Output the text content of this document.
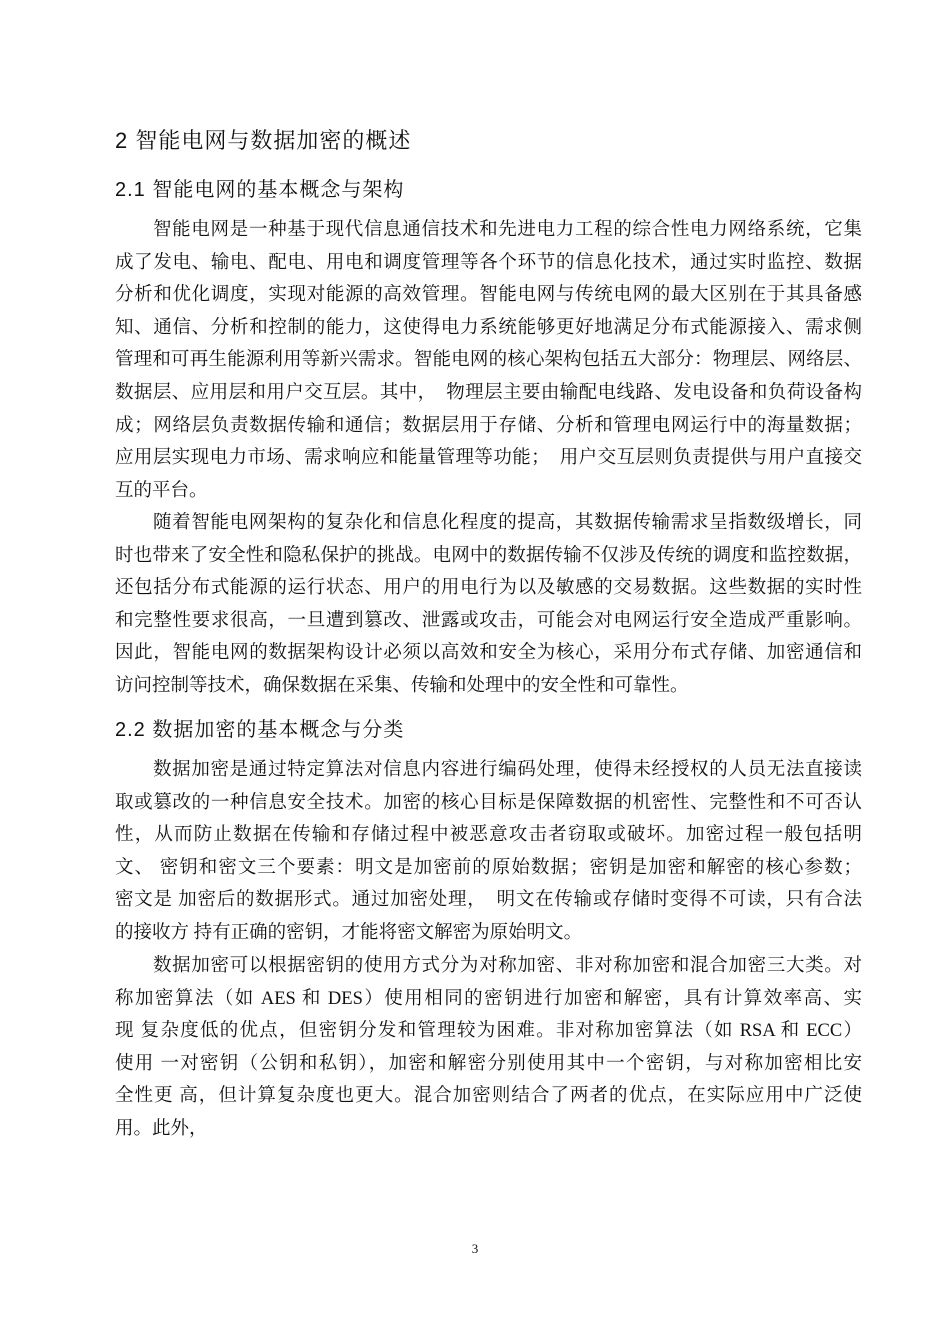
2 智能电网与数据加密的概述
2.1 智能电网的基本概念与架构
智能电网是一种基于现代信息通信技术和先进电力工程的综合性电力网络系统，它集
成了发电、输电、配电、用电和调度管理等各个环节的信息化技术，通过实时监控、数据
分析和优化调度，实现对能源的高效管理。智能电网与传统电网的最大区别在于其具备感
知、通信、分析和控制的能力，这使得电力系统能够更好地满足分布式能源接入、需求侧
管理和可再生能源利用等新兴需求。智能电网的核心架构包括五大部分：物理层、网络层、
数据层、应用层和用户交互层。其中，　物理层主要由输配电线路、发电设备和负荷设备构
成；网络层负责数据传输和通信；数据层用于存储、分析和管理电网运行中的海量数据；
应用层实现电力市场、需求响应和能量管理等功能；　用户交互层则负责提供与用户直接交
互的平台。
随着智能电网架构的复杂化和信息化程度的提高，其数据传输需求呈指数级增长，同
时也带来了安全性和隐私保护的挑战。电网中的数据传输不仅涉及传统的调度和监控数据，
还包括分布式能源的运行状态、用户的用电行为以及敏感的交易数据。这些数据的实时性
和完整性要求很高，一旦遭到篡改、泄露或攻击，可能会对电网运行安全造成严重影响。
因此，智能电网的数据架构设计必须以高效和安全为核心，采用分布式存储、加密通信和
访问控制等技术，确保数据在采集、传输和处理中的安全性和可靠性。
2.2 数据加密的基本概念与分类
数据加密是通过特定算法对信息内容进行编码处理，使得未经授权的人员无法直接读
取或篡改的一种信息安全技术。加密的核心目标是保障数据的机密性、完整性和不可否认
性，从而防止数据在传输和存储过程中被恶意攻击者窃取或破坏。加密过程一般包括明
文、 密钥和密文三个要素：明文是加密前的原始数据；密钥是加密和解密的核心参数；
密文是 加密后的数据形式。通过加密处理，　明文在传输或存储时变得不可读，只有合法
的接收方 持有正确的密钥，才能将密文解密为原始明文。
数据加密可以根据密钥的使用方式分为对称加密、非对称加密和混合加密三大类。对
称加密算法（如 AES 和 DES）使用相同的密钥进行加密和解密，具有计算效率高、实
现 复杂度低的优点，但密钥分发和管理较为困难。非对称加密算法（如 RSA 和 ECC）
使用 一对密钥（公钥和私钥），加密和解密分别使用其中一个密钥，与对称加密相比安
全性更 高，但计算复杂度也更大。混合加密则结合了两者的优点，在实际应用中广泛使
用。此外，
3
